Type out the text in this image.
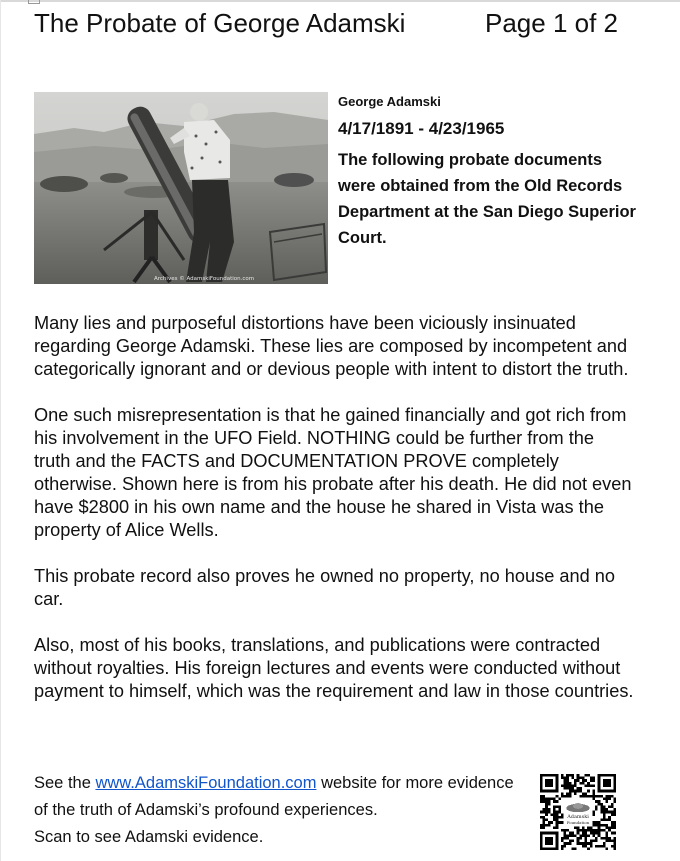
The Probate of George Adamski	Page 1 of 2
Archives © AdamskiFoundation.com
George Adamski
4/17/1891 - 4/23/1965
The following probate documents were obtained from the Old Records Department at the San Diego Superior Court.

Many lies and purposeful distortions have been viciously insinuated regarding George Adamski. These lies are composed by incompetent and categorically ignorant and or devious people with intent to distort the truth.

One such misrepresentation is that he gained financially and got rich from his involvement in the UFO Field. NOTHING could be further from the truth and the FACTS and DOCUMENTATION PROVE completely otherwise. Shown here is from his probate after his death. He did not even have $2800 in his own name and the house he shared in Vista was the property of Alice Wells.

This probate record also proves he owned no property, no house and no car.

Also, most of his books, translations, and publications were contracted without royalties. His foreign lectures and events were conducted without payment to himself, which was the requirement and law in those countries.

See the www.AdamskiFoundation.com website for more evidence of the truth of Adamski’s profound experiences.
Scan to see Adamski evidence.
Adamski
Foundation
